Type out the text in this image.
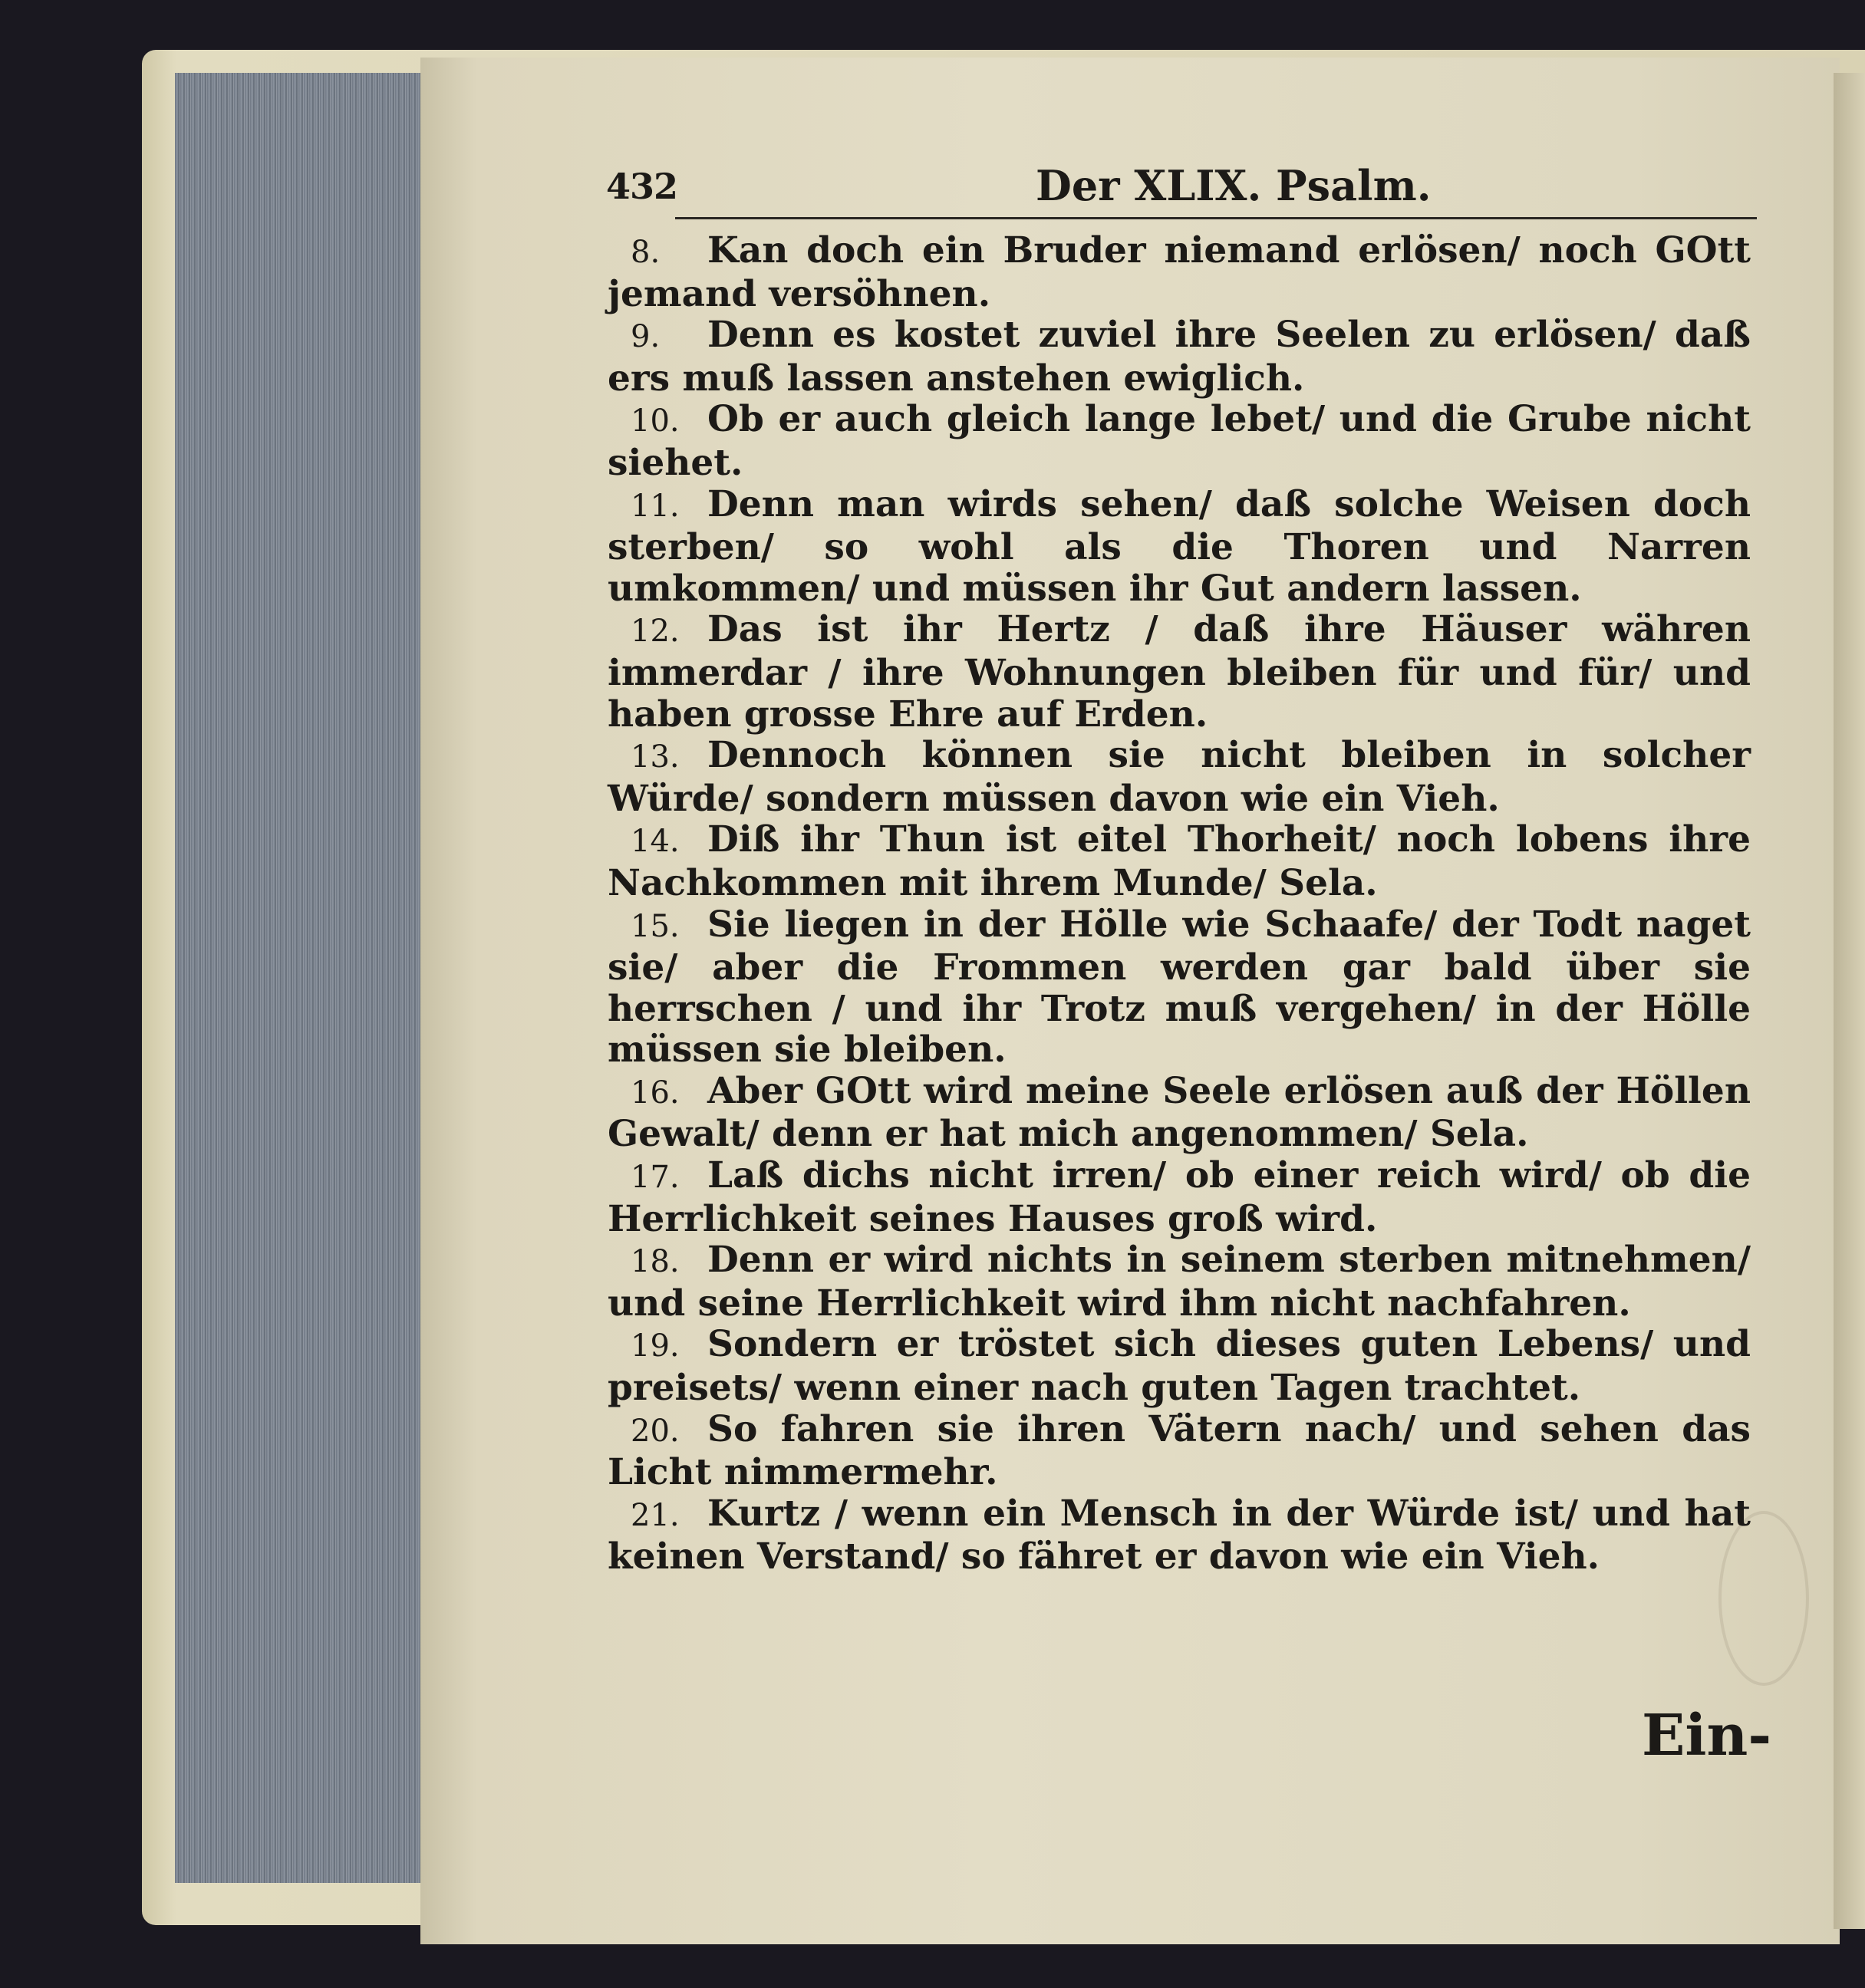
432	Der XLIX. Psalm.
8. Kan doch ein Bruder niemand erlösen/ noch GOtt jemand versöhnen.
9. Denn es kostet zuviel ihre Seelen zu erlösen/ daß ers muß lassen anstehen ewiglich.
10. Ob er auch gleich lange lebet/ und die Grube nicht siehet.
11. Denn man wirds sehen/ daß solche Weisen doch sterben/ so wohl als die Thoren und Narren umkommen/ und müssen ihr Gut andern lassen.
12. Das ist ihr Hertz / daß ihre Häuser währen immerdar / ihre Wohnungen bleiben für und für/ und haben grosse Ehre auf Erden.
13. Dennoch können sie nicht bleiben in solcher Würde/ sondern müssen davon wie ein Vieh.
14. Diß ihr Thun ist eitel Thorheit/ noch lobens ihre Nachkommen mit ihrem Munde/ Sela.
15. Sie liegen in der Hölle wie Schaafe/ der Todt naget sie/ aber die Frommen werden gar bald über sie herrschen / und ihr Trotz muß vergehen/ in der Hölle müssen sie bleiben.
16. Aber GOtt wird meine Seele erlösen auß der Höllen Gewalt/ denn er hat mich angenommen/ Sela.
17. Laß dichs nicht irren/ ob einer reich wird/ ob die Herrlichkeit seines Hauses groß wird.
18. Denn er wird nichts in seinem sterben mitnehmen/ und seine Herrlichkeit wird ihm nicht nachfahren.
19. Sondern er tröstet sich dieses guten Lebens/ und preisets/ wenn einer nach guten Tagen trachtet.
20. So fahren sie ihren Vätern nach/ und sehen das Licht nimmermehr.
21. Kurtz / wenn ein Mensch in der Würde ist/ und hat keinen Verstand/ so fähret er davon wie ein Vieh.
Ein-
